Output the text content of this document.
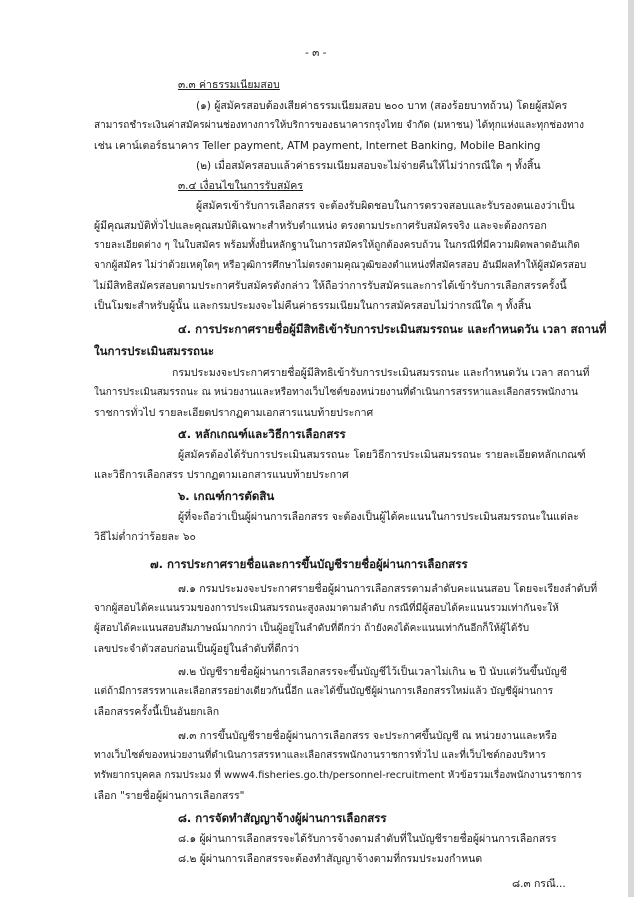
- ๓ -
๓.๓ ค่าธรรมเนียมสอบ
(๑) ผู้สมัครสอบต้องเสียค่าธรรมเนียมสอบ ๒๐๐ บาท (สองร้อยบาทถ้วน) โดยผู้สมัคร
สามารถชำระเงินค่าสมัครผ่านช่องทางการให้บริการของธนาคารกรุงไทย จำกัด (มหาชน) ได้ทุกแห่งและทุกช่องทาง
เช่น เคาน์เตอร์ธนาคาร Teller payment, ATM payment, Internet Banking, Mobile Banking
(๒) เมื่อสมัครสอบแล้วค่าธรรมเนียมสอบจะไม่จ่ายคืนให้ไม่ว่ากรณีใด ๆ ทั้งสิ้น
๓.๔ เงื่อนไขในการรับสมัคร
ผู้สมัครเข้ารับการเลือกสรร จะต้องรับผิดชอบในการตรวจสอบและรับรองตนเองว่าเป็น
ผู้มีคุณสมบัติทั่วไปและคุณสมบัติเฉพาะสำหรับตำแหน่ง ตรงตามประกาศรับสมัครจริง และจะต้องกรอก
รายละเอียดต่าง ๆ ในใบสมัคร พร้อมทั้งยื่นหลักฐานในการสมัครให้ถูกต้องครบถ้วน ในกรณีที่มีความผิดพลาดอันเกิด
จากผู้สมัคร ไม่ว่าด้วยเหตุใดๆ หรือวุฒิการศึกษาไม่ตรงตามคุณวุฒิของตำแหน่งที่สมัครสอบ อันมีผลทำให้ผู้สมัครสอบ
ไม่มีสิทธิสมัครสอบตามประกาศรับสมัครดังกล่าว ให้ถือว่าการรับสมัครและการได้เข้ารับการเลือกสรรครั้งนี้
เป็นโมฆะสำหรับผู้นั้น และกรมประมงจะไม่คืนค่าธรรมเนียมในการสมัครสอบไม่ว่ากรณีใด ๆ ทั้งสิ้น
๔. การประกาศรายชื่อผู้มีสิทธิเข้ารับการประเมินสมรรถนะ และกำหนดวัน เวลา สถานที่
ในการประเมินสมรรถนะ
กรมประมงจะประกาศรายชื่อผู้มีสิทธิเข้ารับการประเมินสมรรถนะ และกำหนดวัน เวลา สถานที่
ในการประเมินสมรรถนะ ณ หน่วยงานและหรือทางเว็บไซต์ของหน่วยงานที่ดำเนินการสรรหาและเลือกสรรพนักงาน
ราชการทั่วไป รายละเอียดปรากฏตามเอกสารแนบท้ายประกาศ
๕. หลักเกณฑ์และวิธีการเลือกสรร
ผู้สมัครต้องได้รับการประเมินสมรรถนะ โดยวิธีการประเมินสมรรถนะ รายละเอียดหลักเกณฑ์
และวิธีการเลือกสรร ปรากฏตามเอกสารแนบท้ายประกาศ
๖. เกณฑ์การตัดสิน
ผู้ที่จะถือว่าเป็นผู้ผ่านการเลือกสรร จะต้องเป็นผู้ได้คะแนนในการประเมินสมรรถนะในแต่ละ
วิธีไม่ต่ำกว่าร้อยละ ๖๐
๗. การประกาศรายชื่อและการขึ้นบัญชีรายชื่อผู้ผ่านการเลือกสรร
๗.๑ กรมประมงจะประกาศรายชื่อผู้ผ่านการเลือกสรรตามลำดับคะแนนสอบ โดยจะเรียงลำดับที่
จากผู้สอบได้คะแนนรวมของการประเมินสมรรถนะสูงลงมาตามลำดับ กรณีที่มีผู้สอบได้คะแนนรวมเท่ากันจะให้
ผู้สอบได้คะแนนสอบสัมภาษณ์มากกว่า เป็นผู้อยู่ในลำดับที่ดีกว่า ถ้ายังคงได้คะแนนเท่ากันอีกก็ให้ผู้ได้รับ
เลขประจำตัวสอบก่อนเป็นผู้อยู่ในลำดับที่ดีกว่า
๗.๒ บัญชีรายชื่อผู้ผ่านการเลือกสรรจะขึ้นบัญชีไว้เป็นเวลาไม่เกิน ๒ ปี นับแต่วันขึ้นบัญชี
แต่ถ้ามีการสรรหาและเลือกสรรอย่างเดียวกันนี้อีก และได้ขึ้นบัญชีผู้ผ่านการเลือกสรรใหม่แล้ว บัญชีผู้ผ่านการ
เลือกสรรครั้งนี้เป็นอันยกเลิก
๗.๓ การขึ้นบัญชีรายชื่อผู้ผ่านการเลือกสรร จะประกาศขึ้นบัญชี ณ หน่วยงานและหรือ
ทางเว็บไซต์ของหน่วยงานที่ดำเนินการสรรหาและเลือกสรรพนักงานราชการทั่วไป และที่เว็บไซต์กองบริหาร
ทรัพยากรบุคคล กรมประมง ที่ www4.fisheries.go.th/personnel-recruitment หัวข้อรวมเรื่องพนักงานราชการ
เลือก "รายชื่อผู้ผ่านการเลือกสรร"
๘. การจัดทำสัญญาจ้างผู้ผ่านการเลือกสรร
๘.๑ ผู้ผ่านการเลือกสรรจะได้รับการจ้างตามลำดับที่ในบัญชีรายชื่อผู้ผ่านการเลือกสรร
๘.๒ ผู้ผ่านการเลือกสรรจะต้องทำสัญญาจ้างตามที่กรมประมงกำหนด
๘.๓ กรณี...
